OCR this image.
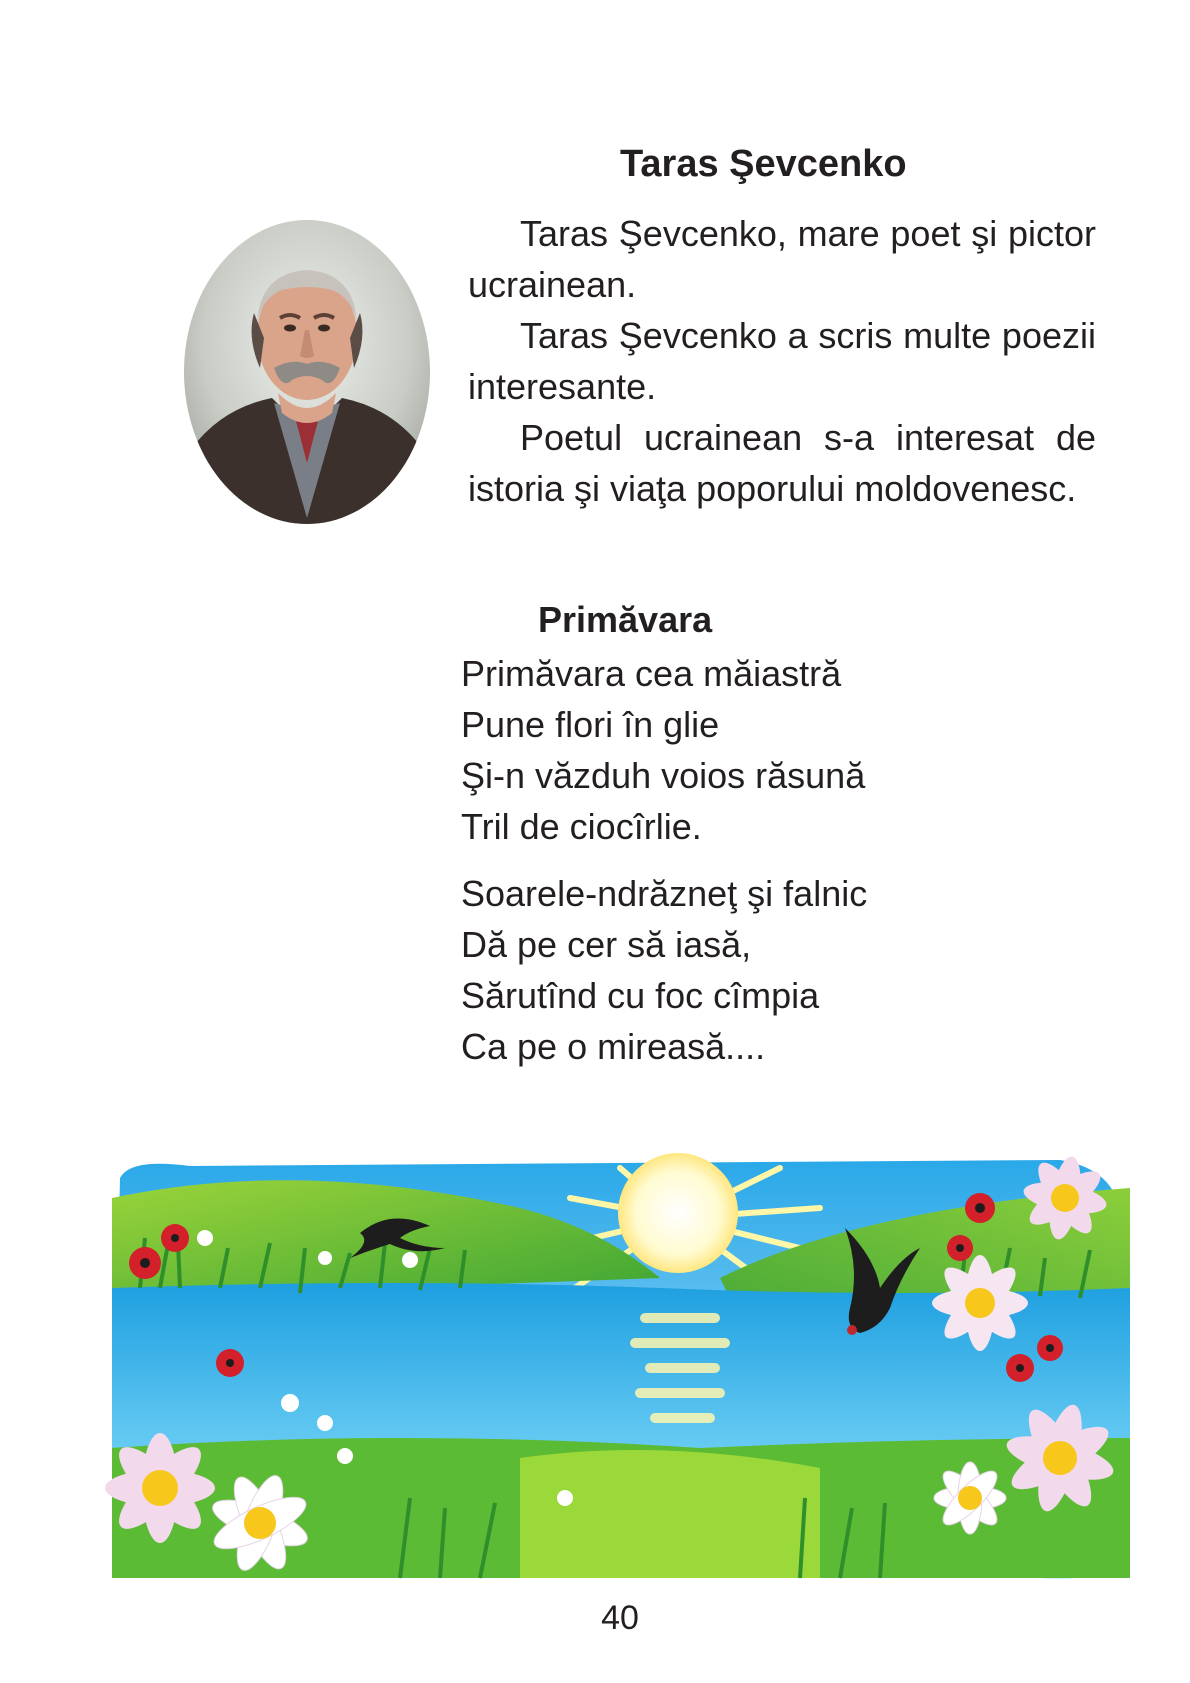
Taras Şevcenko

Taras Şevcenko, mare poet şi pictor ucrainean.

Taras Şevcenko a scris multe poezii interesante.

Poetul ucrainean s-a interesat de istoria şi viaţa poporului moldovenesc.

Primăvara
Primăvara cea măiastră
Pune flori în glie
Şi-n văzduh voios răsună
Tril de ciocîrlie.
Soarele-ndrăzneţ şi falnic
Dă pe cer să iasă,
Sărutînd cu foc cîmpia
Ca pe o mireasă....
40
